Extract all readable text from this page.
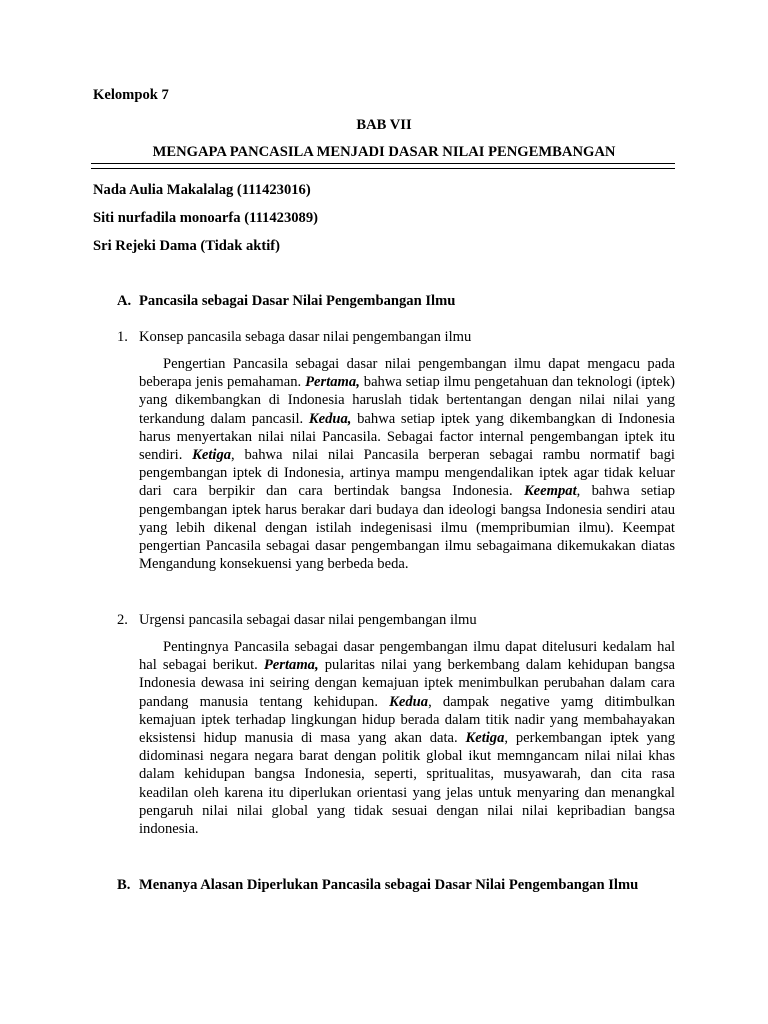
Kelompok 7
BAB VII
MENGAPA PANCASILA MENJADI DASAR NILAI PENGEMBANGAN
Nada Aulia Makalalag (111423016)
Siti nurfadila monoarfa (111423089)
Sri Rejeki Dama (Tidak aktif)
A. Pancasila sebagai Dasar Nilai Pengembangan Ilmu
1. Konsep pancasila sebaga dasar nilai pengembangan ilmu
Pengertian Pancasila sebagai dasar nilai pengembangan ilmu dapat mengacu pada beberapa jenis pemahaman. Pertama, bahwa setiap ilmu pengetahuan dan teknologi (iptek) yang dikembangkan di Indonesia haruslah tidak bertentangan dengan nilai nilai yang terkandung dalam pancasil. Kedua, bahwa setiap iptek yang dikembangkan di Indonesia harus menyertakan nilai nilai Pancasila. Sebagai factor internal pengembangan iptek itu sendiri. Ketiga, bahwa nilai nilai Pancasila berperan sebagai rambu normatif bagi pengembangan iptek di Indonesia, artinya mampu mengendalikan iptek agar tidak keluar dari cara berpikir dan cara bertindak bangsa Indonesia. Keempat, bahwa setiap pengembangan iptek harus berakar dari budaya dan ideologi bangsa Indonesia sendiri atau yang lebih dikenal dengan istilah indegenisasi ilmu (mempribumian ilmu). Keempat pengertian Pancasila sebagai dasar pengembangan ilmu sebagaimana dikemukakan diatas Mengandung konsekuensi yang berbeda beda.
2. Urgensi pancasila sebagai dasar nilai pengembangan ilmu
Pentingnya Pancasila sebagai dasar pengembangan ilmu dapat ditelusuri kedalam hal hal sebagai berikut. Pertama, pularitas nilai yang berkembang dalam kehidupan bangsa Indonesia dewasa ini seiring dengan kemajuan iptek menimbulkan perubahan dalam cara pandang manusia tentang kehidupan. Kedua, dampak negative yamg ditimbulkan kemajuan iptek terhadap lingkungan hidup berada dalam titik nadir yang membahayakan eksistensi hidup manusia di masa yang akan data. Ketiga, perkembangan iptek yang didominasi negara negara barat dengan politik global ikut memnganc​am nilai nilai khas dalam kehidupan bangsa Indonesia, seperti, spritualitas, musyawarah, dan cita rasa keadilan oleh karena itu diperlukan orientasi yang jelas untuk menyaring dan menangkal pengaruh nilai nilai global yang tidak sesuai dengan nilai nilai kepribadian bangsa indonesia.
B. Menanya Alasan Diperlukan Pancasila sebagai Dasar Nilai Pengembangan Ilmu
